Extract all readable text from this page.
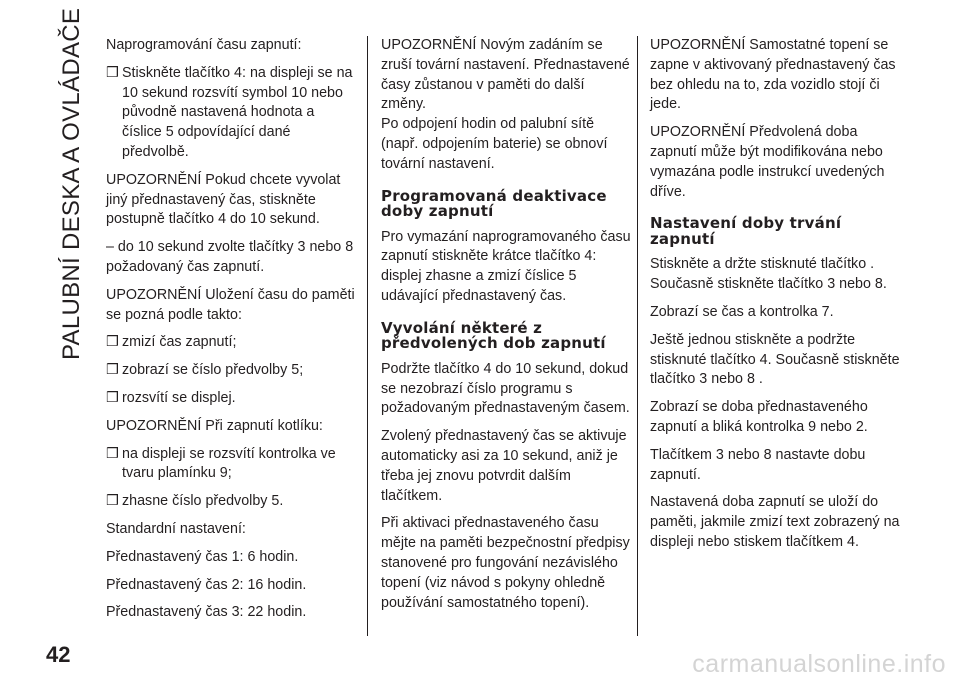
PALUBNÍ DESKA A OVLÁDAČE
42

Naprogramování času zapnutí:

❒ Stiskněte tlačítko 4: na displeji se na 10 sekund rozsvítí symbol 10 nebo původně nastavená hodnota a číslice 5 odpovídající dané předvolbě.

UPOZORNĚNÍ Pokud chcete vyvolat jiný přednastavený čas, stiskněte postupně tlačítko 4 do 10 sekund.

– do 10 sekund zvolte tlačítky 3 nebo 8 požadovaný čas zapnutí.

UPOZORNĚNÍ Uložení času do paměti se pozná podle takto:

❒ zmizí čas zapnutí;
❒ zobrazí se číslo předvolby 5;
❒ rozsvítí se displej.

UPOZORNĚNÍ Při zapnutí kotlíku:

❒ na displeji se rozsvítí kontrolka ve tvaru plamínku 9;
❒ zhasne číslo předvolby 5.

Standardní nastavení:

Přednastavený čas 1: 6 hodin.

Přednastavený čas 2: 16 hodin.

Přednastavený čas 3: 22 hodin.

UPOZORNĚNÍ Novým zadáním se zruší tovární nastavení. Přednastavené časy zůstanou v paměti do další změny.

Po odpojení hodin od palubní sítě (např. odpojením baterie) se obnoví tovární nastavení.

Programovaná deaktivace doby zapnutí

Pro vymazání naprogramovaného času zapnutí stiskněte krátce tlačítko 4: displej zhasne a zmizí číslice 5 udávající přednastavený čas.

Vyvolání některé z předvolených dob zapnutí

Podržte tlačítko 4 do 10 sekund, dokud se nezobrazí číslo programu s požadovaným přednastaveným časem.

Zvolený přednastavený čas se aktivuje automaticky asi za 10 sekund, aniž je třeba jej znovu potvrdit dalším tlačítkem.

Při aktivaci přednastaveného času mějte na paměti bezpečnostní předpisy stanovené pro fungování nezávislého topení (viz návod s pokyny ohledně používání samostatného topení).

UPOZORNĚNÍ Samostatné topení se zapne v aktivovaný přednastavený čas bez ohledu na to, zda vozidlo stojí či jede.

UPOZORNĚNÍ Předvolená doba zapnutí může být modifikována nebo vymazána podle instrukcí uvedených dříve.

Nastavení doby trvání zapnutí

Stiskněte a držte stisknuté tlačítko . Současně stiskněte tlačítko 3 nebo 8.

Zobrazí se čas a kontrolka 7.

Ještě jednou stiskněte a podržte stisknuté tlačítko 4. Současně stiskněte tlačítko 3 nebo 8 .

Zobrazí se doba přednastaveného zapnutí a bliká kontrolka 9 nebo 2.

Tlačítkem 3 nebo 8 nastavte dobu zapnutí.

Nastavená doba zapnutí se uloží do paměti, jakmile zmizí text zobrazený na displeji nebo stiskem tlačítkem 4.

carmanualsonline.info
